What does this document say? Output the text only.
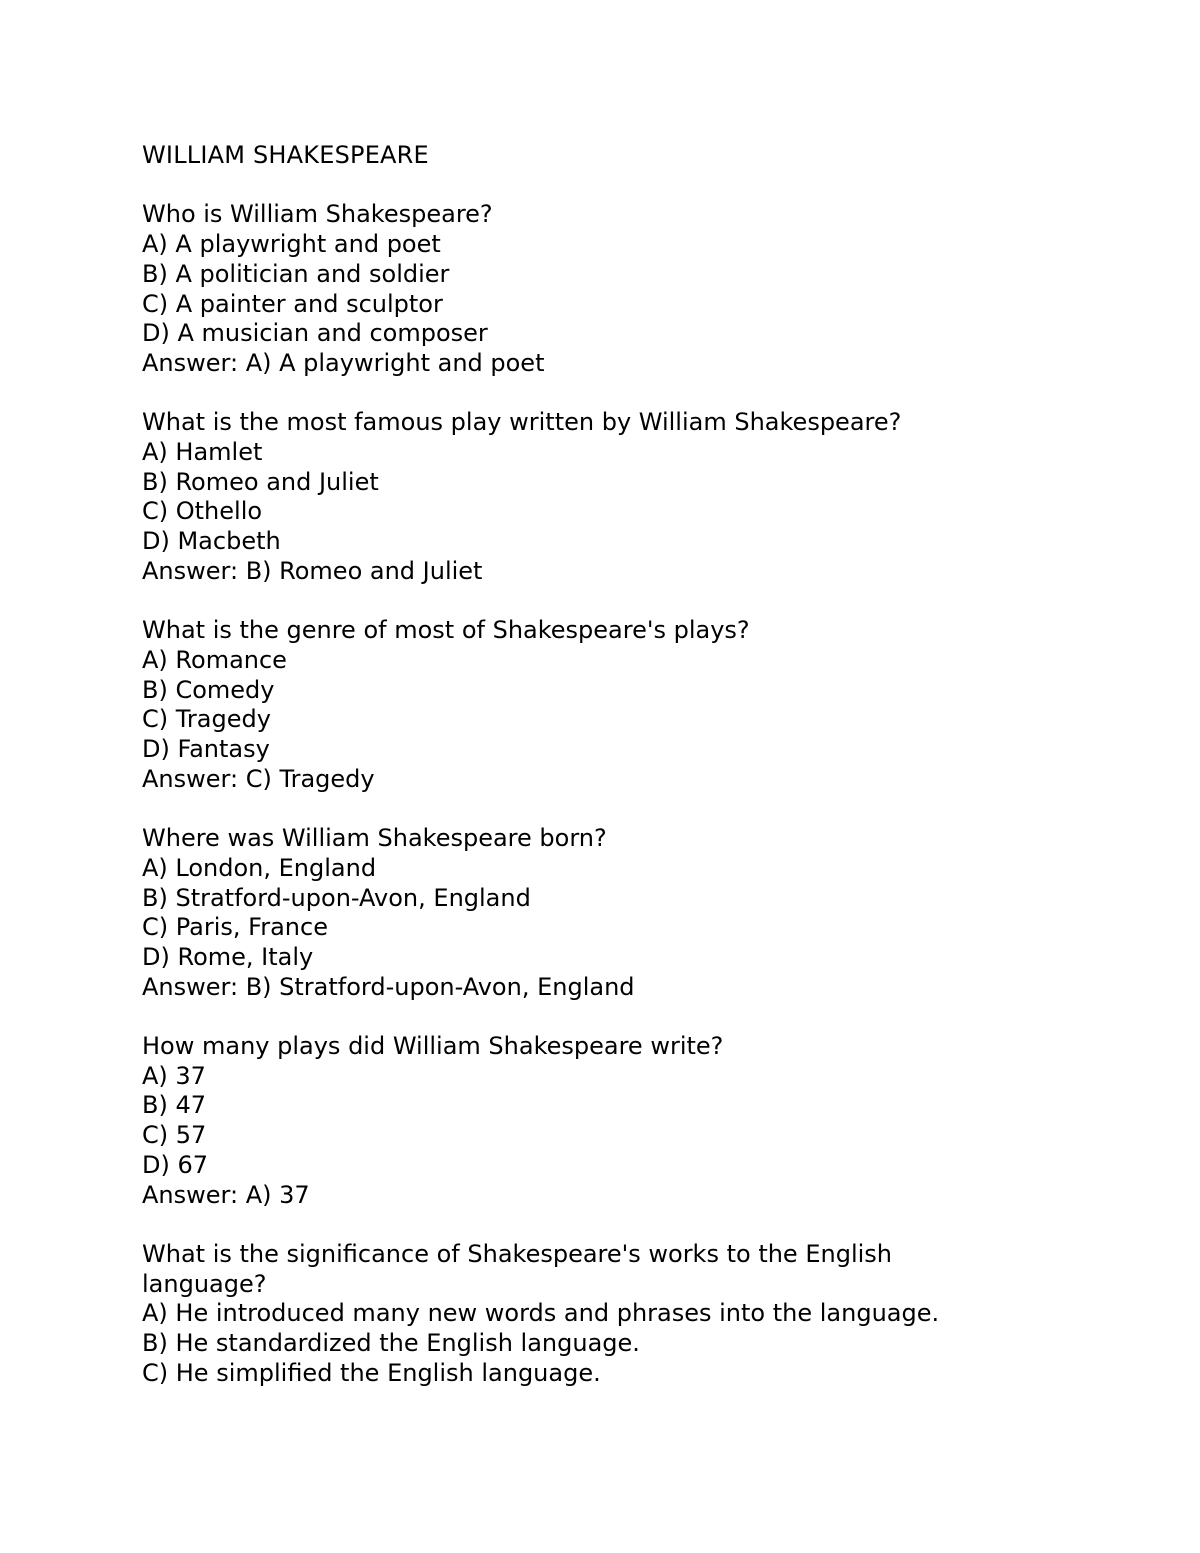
WILLIAM SHAKESPEARE
Who is William Shakespeare?
A) A playwright and poet
B) A politician and soldier
C) A painter and sculptor
D) A musician and composer
Answer: A) A playwright and poet
What is the most famous play written by William Shakespeare?
A) Hamlet
B) Romeo and Juliet
C) Othello
D) Macbeth
Answer: B) Romeo and Juliet
What is the genre of most of Shakespeare's plays?
A) Romance
B) Comedy
C) Tragedy
D) Fantasy
Answer: C) Tragedy
Where was William Shakespeare born?
A) London, England
B) Stratford-upon-Avon, England
C) Paris, France
D) Rome, Italy
Answer: B) Stratford-upon-Avon, England
How many plays did William Shakespeare write?
A) 37
B) 47
C) 57
D) 67
Answer: A) 37
What is the significance of Shakespeare's works to the English language?
A) He introduced many new words and phrases into the language.
B) He standardized the English language.
C) He simplified the English language.
